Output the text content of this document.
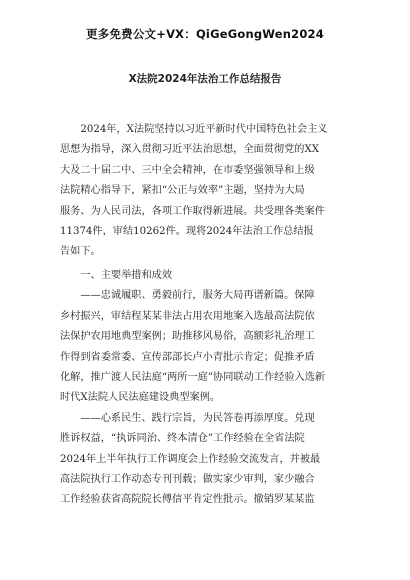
更多免费公文+VX：QiGeGongWen2024
X法院2024年法治工作总结报告
　　2024年，X法院坚持以习近平新时代中国特色社会主义
思想为指导，深入贯彻习近平法治思想，全面贯彻党的XX
大及二十届二中、三中全会精神，在市委坚强领导和上级
法院精心指导下，紧扣“公正与效率”主题，坚持为大局
服务、为人民司法，各项工作取得新进展。共受理各类案件
11374件，审结10262件。现将2024年法治工作总结报
告如下。
　　一、主要举措和成效
　　——忠诚履职、勇毅前行，服务大局再谱新篇。保障
乡村振兴，审结程某某非法占用农用地案入选最高法院依
法保护农用地典型案例；助推移风易俗，高额彩礼治理工
作得到省委常委、宣传部部长卢小青批示肯定；促推矛盾
化解，推广渡人民法庭“两所一庭”协同联动工作经验入选新
时代X法院人民法庭建设典型案例。
　　——心系民生、践行宗旨，为民答卷再添厚度。兑现
胜诉权益，“执诉同治、终本清仓”工作经验在全省法院
2024年上半年执行工作调度会上作经验交流发言，并被最
高法院执行工作动态专刊刊载；做实家少审判，家少融合
工作经验获省高院院长傅信平肯定性批示。撤销罗某某监
